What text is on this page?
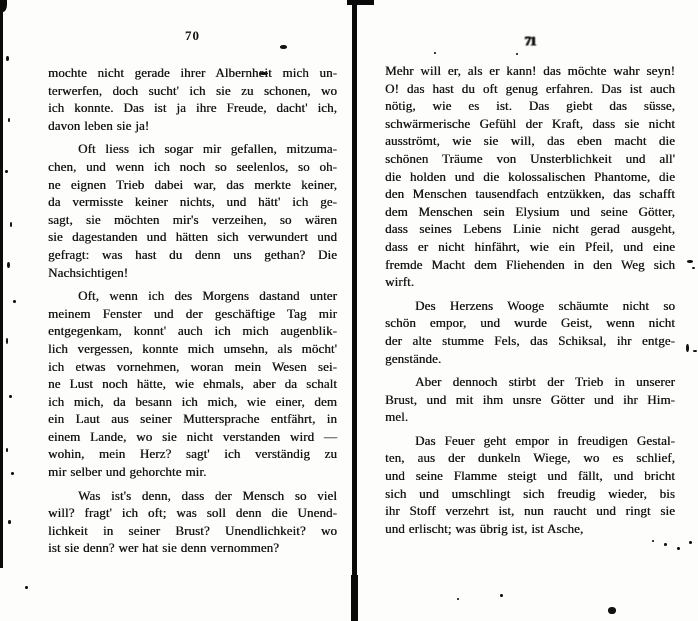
70
mochte nicht gerade ihrer Albernheit mich un-
terwerfen, doch sucht' ich sie zu schonen, wo
ich konnte. Das ist ja ihre Freude, dacht' ich,
davon leben sie ja!
Oft liess ich sogar mir gefallen, mitzuma-
chen, und wenn ich noch so seelenlos, so oh-
ne eignen Trieb dabei war, das merkte keiner,
da vermisste keiner nichts, und hätt' ich ge-
sagt, sie möchten mir's verzeihen, so wären
sie dagestanden und hätten sich verwundert und
gefragt: was hast du denn uns gethan? Die
Nachsichtigen!
Oft, wenn ich des Morgens dastand unter
meinem Fenster und der geschäftige Tag mir
entgegenkam, konnt' auch ich mich augenblik-
lich vergessen, konnte mich umsehn, als möcht'
ich etwas vornehmen, woran mein Wesen sei-
ne Lust noch hätte, wie ehmals, aber da schalt
ich mich, da besann ich mich, wie einer, dem
ein Laut aus seiner Muttersprache entfährt, in
einem Lande, wo sie nicht verstanden wird —
wohin, mein Herz? sagt' ich verständig zu
mir selber und gehorchte mir.
Was ist's denn, dass der Mensch so viel
will? fragt' ich oft; was soll denn die Unend-
lichkeit in seiner Brust? Unendlichkeit? wo
ist sie denn? wer hat sie denn vernommen?
71
Mehr will er, als er kann! das möchte wahr seyn!
O! das hast du oft genug erfahren. Das ist auch
nötig, wie es ist. Das giebt das süsse,
schwärmerische Gefühl der Kraft, dass sie nicht
ausströmt, wie sie will, das eben macht die
schönen Träume von Unsterblichkeit und all'
die holden und die kolossalischen Phantome, die
den Menschen tausendfach entzükken, das schafft
dem Menschen sein Elysium und seine Götter,
dass seines Lebens Linie nicht gerad ausgeht,
dass er nicht hinfährt, wie ein Pfeil, und eine
fremde Macht dem Fliehenden in den Weg sich
wirft.
Des Herzens Wooge schäumte nicht so
schön empor, und wurde Geist, wenn nicht
der alte stumme Fels, das Schiksal, ihr entge-
genstände.
Aber dennoch stirbt der Trieb in unserer
Brust, und mit ihm unsre Götter und ihr Him-
mel.
Das Feuer geht empor in freudigen Gestal-
ten, aus der dunkeln Wiege, wo es schlief,
und seine Flamme steigt und fällt, und bricht
sich und umschlingt sich freudig wieder, bis
ihr Stoff verzehrt ist, nun raucht und ringt sie
und erlischt; was übrig ist, ist Asche,
